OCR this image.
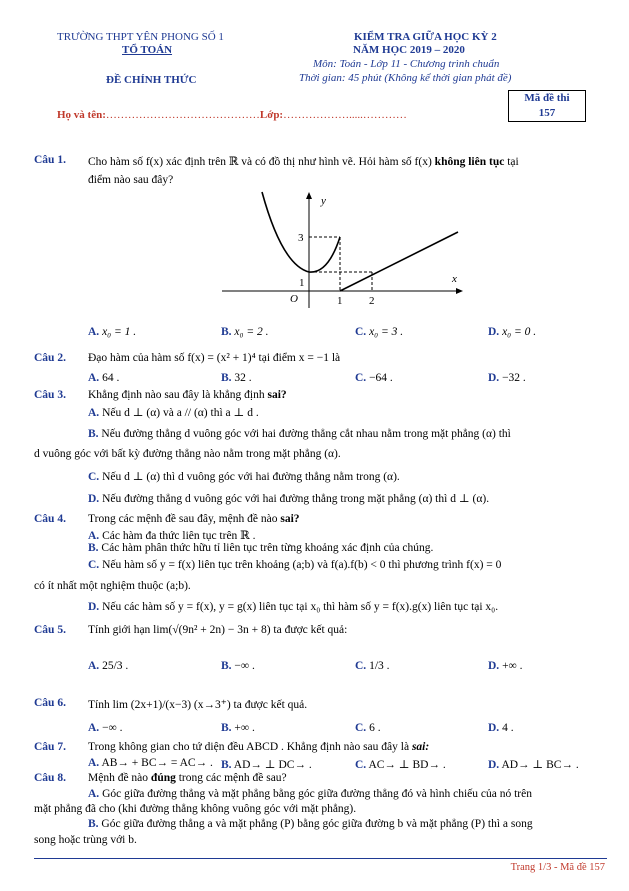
TRƯỜNG THPT YÊN PHONG SỐ 1
TỔ TOÁN
ĐỀ CHÍNH THỨC
KIỂM TRA GIỮA HỌC KỲ 2
NĂM HỌC 2019 – 2020
Môn: Toán - Lớp 11 - Chương trình chuẩn
Thời gian: 45 phút (Không kể thời gian phát đề)
Mã đề thi
157
Họ và tên:……………………………………Lớp:……………….....…………
Câu 1. Cho hàm số f(x) xác định trên ℝ và có đồ thị như hình vẽ. Hỏi hàm số f(x) không liên tục tại
điểm nào sau đây?
y
x
O	1 2
3
1
A. x₀ = 1 .	B. x₀ = 2 .	C. x₀ = 3 .	D. x₀ = 0 .
Câu 2. Đạo hàm của hàm số f(x) = (x² + 1)⁴ tại điểm x = −1 là
A. 64 .	B. 32 .	C. −64 .	D. −32 .
Câu 3. Khẳng định nào sau đây là khẳng định sai?
A. Nếu d ⊥ (α) và a // (α) thì a ⊥ d .
B. Nếu đường thẳng d vuông góc với hai đường thẳng cắt nhau nằm trong mặt phẳng (α) thì
d vuông góc với bất kỳ đường thẳng nào nằm trong mặt phẳng (α).
C. Nếu d ⊥ (α) thì d vuông góc với hai đường thẳng nằm trong (α).
D. Nếu đường thẳng d vuông góc với hai đường thẳng trong mặt phẳng (α) thì d ⊥ (α).
Câu 4. Trong các mệnh đề sau đây, mệnh đề nào sai?
A. Các hàm đa thức liên tục trên ℝ .
B. Các hàm phân thức hữu tỉ liên tục trên từng khoảng xác định của chúng.
C. Nếu hàm số y = f(x) liên tục trên khoảng (a;b) và f(a).f(b) < 0 thì phương trình f(x) = 0
có ít nhất một nghiệm thuộc (a;b).
D. Nếu các hàm số y = f(x), y = g(x) liên tục tại x₀ thì hàm số y = f(x).g(x) liên tục tại x₀.
Câu 5. Tính giới hạn lim(√(9n² + 2n) − 3n + 8) ta được kết quả:
A. 25/3 .	B. −∞ .	C. 1/3 .	D. +∞ .
Câu 6. Tính lim (2x+1)/(x−3) (x→3⁺) ta được kết quả.
A. −∞ .	B. +∞ .	C. 6 .	D. 4 .
Câu 7. Trong không gian cho tứ diện đều ABCD . Khẳng định nào sau đây là sai:
A. AB→ + BC→ = AC→ . B. AD→ ⊥ DC→ .	C. AC→ ⊥ BD→ .	D. AD→ ⊥ BC→ .
Câu 8. Mệnh đề nào đúng trong các mệnh đề sau?
A. Góc giữa đường thẳng và mặt phẳng bằng góc giữa đường thẳng đó và hình chiếu của nó trên
mặt phẳng đã cho (khi đường thẳng không vuông góc với mặt phẳng).
B. Góc giữa đường thẳng a và mặt phẳng (P) bằng góc giữa đường b và mặt phẳng (P) thì a song
song hoặc trùng với b.
Trang 1/3 - Mã đề 157
